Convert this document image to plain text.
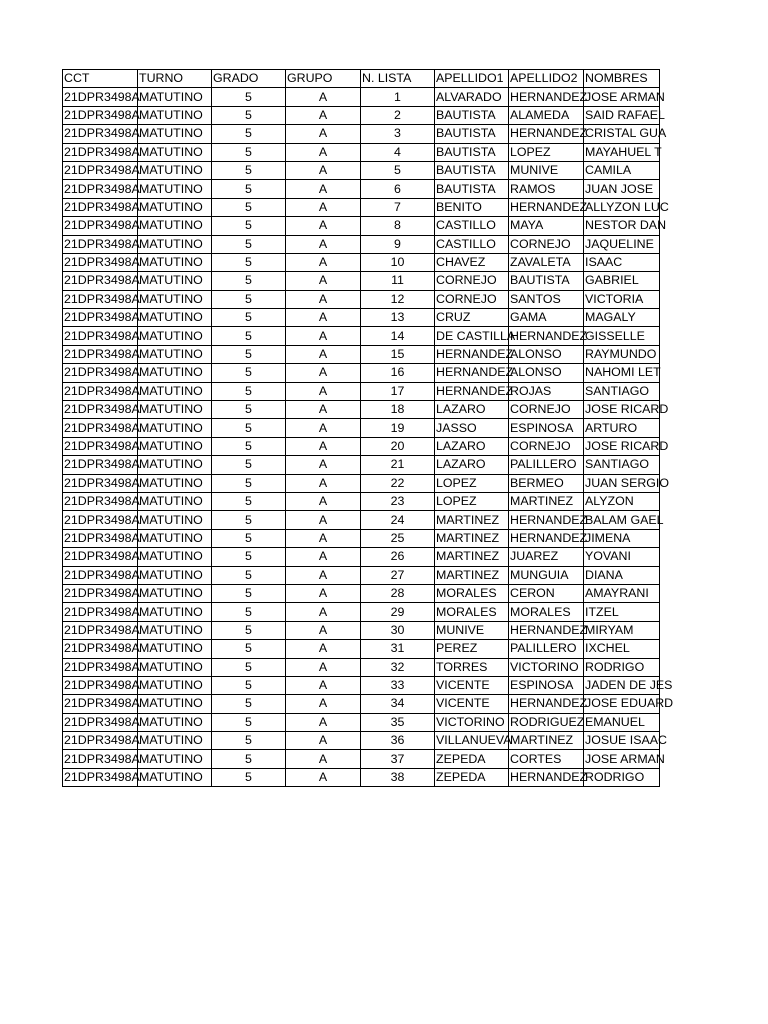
CCT	TURNO	GRADO	GRUPO	N. LISTA	APELLIDO1	APELLIDO2	NOMBRES
21DPR3498A	MATUTINO	5	A	1	ALVARADO	HERNANDEZ	JOSE ARMAN
21DPR3498A	MATUTINO	5	A	2	BAUTISTA	ALAMEDA	SAID RAFAEL
21DPR3498A	MATUTINO	5	A	3	BAUTISTA	HERNANDEZ	CRISTAL GUA
21DPR3498A	MATUTINO	5	A	4	BAUTISTA	LOPEZ	MAYAHUEL T
21DPR3498A	MATUTINO	5	A	5	BAUTISTA	MUNIVE	CAMILA
21DPR3498A	MATUTINO	5	A	6	BAUTISTA	RAMOS	JUAN JOSE
21DPR3498A	MATUTINO	5	A	7	BENITO	HERNANDEZ	ALLYZON LUC
21DPR3498A	MATUTINO	5	A	8	CASTILLO	MAYA	NESTOR DAN
21DPR3498A	MATUTINO	5	A	9	CASTILLO	CORNEJO	JAQUELINE
21DPR3498A	MATUTINO	5	A	10	CHAVEZ	ZAVALETA	ISAAC
21DPR3498A	MATUTINO	5	A	11	CORNEJO	BAUTISTA	GABRIEL
21DPR3498A	MATUTINO	5	A	12	CORNEJO	SANTOS	VICTORIA
21DPR3498A	MATUTINO	5	A	13	CRUZ	GAMA	MAGALY
21DPR3498A	MATUTINO	5	A	14	DE CASTILLA	HERNANDEZ	GISSELLE
21DPR3498A	MATUTINO	5	A	15	HERNANDEZ	ALONSO	RAYMUNDO
21DPR3498A	MATUTINO	5	A	16	HERNANDEZ	ALONSO	NAHOMI LET
21DPR3498A	MATUTINO	5	A	17	HERNANDEZ	ROJAS	SANTIAGO
21DPR3498A	MATUTINO	5	A	18	LAZARO	CORNEJO	JOSE RICARD
21DPR3498A	MATUTINO	5	A	19	JASSO	ESPINOSA	ARTURO
21DPR3498A	MATUTINO	5	A	20	LAZARO	CORNEJO	JOSE RICARD
21DPR3498A	MATUTINO	5	A	21	LAZARO	PALILLERO	SANTIAGO
21DPR3498A	MATUTINO	5	A	22	LOPEZ	BERMEO	JUAN SERGIO
21DPR3498A	MATUTINO	5	A	23	LOPEZ	MARTINEZ	ALYZON
21DPR3498A	MATUTINO	5	A	24	MARTINEZ	HERNANDEZ	BALAM GAEL
21DPR3498A	MATUTINO	5	A	25	MARTINEZ	HERNANDEZ	JIMENA
21DPR3498A	MATUTINO	5	A	26	MARTINEZ	JUAREZ	YOVANI
21DPR3498A	MATUTINO	5	A	27	MARTINEZ	MUNGUIA	DIANA
21DPR3498A	MATUTINO	5	A	28	MORALES	CERON	AMAYRANI
21DPR3498A	MATUTINO	5	A	29	MORALES	MORALES	ITZEL
21DPR3498A	MATUTINO	5	A	30	MUNIVE	HERNANDEZ	MIRYAM
21DPR3498A	MATUTINO	5	A	31	PEREZ	PALILLERO	IXCHEL
21DPR3498A	MATUTINO	5	A	32	TORRES	VICTORINO	RODRIGO
21DPR3498A	MATUTINO	5	A	33	VICENTE	ESPINOSA	JADEN DE JES
21DPR3498A	MATUTINO	5	A	34	VICENTE	HERNANDEZ	JOSE EDUARD
21DPR3498A	MATUTINO	5	A	35	VICTORINO	RODRIGUEZ	EMANUEL
21DPR3498A	MATUTINO	5	A	36	VILLANUEVA	MARTINEZ	JOSUE ISAAC
21DPR3498A	MATUTINO	5	A	37	ZEPEDA	CORTES	JOSE ARMAN
21DPR3498A	MATUTINO	5	A	38	ZEPEDA	HERNANDEZ	RODRIGO
